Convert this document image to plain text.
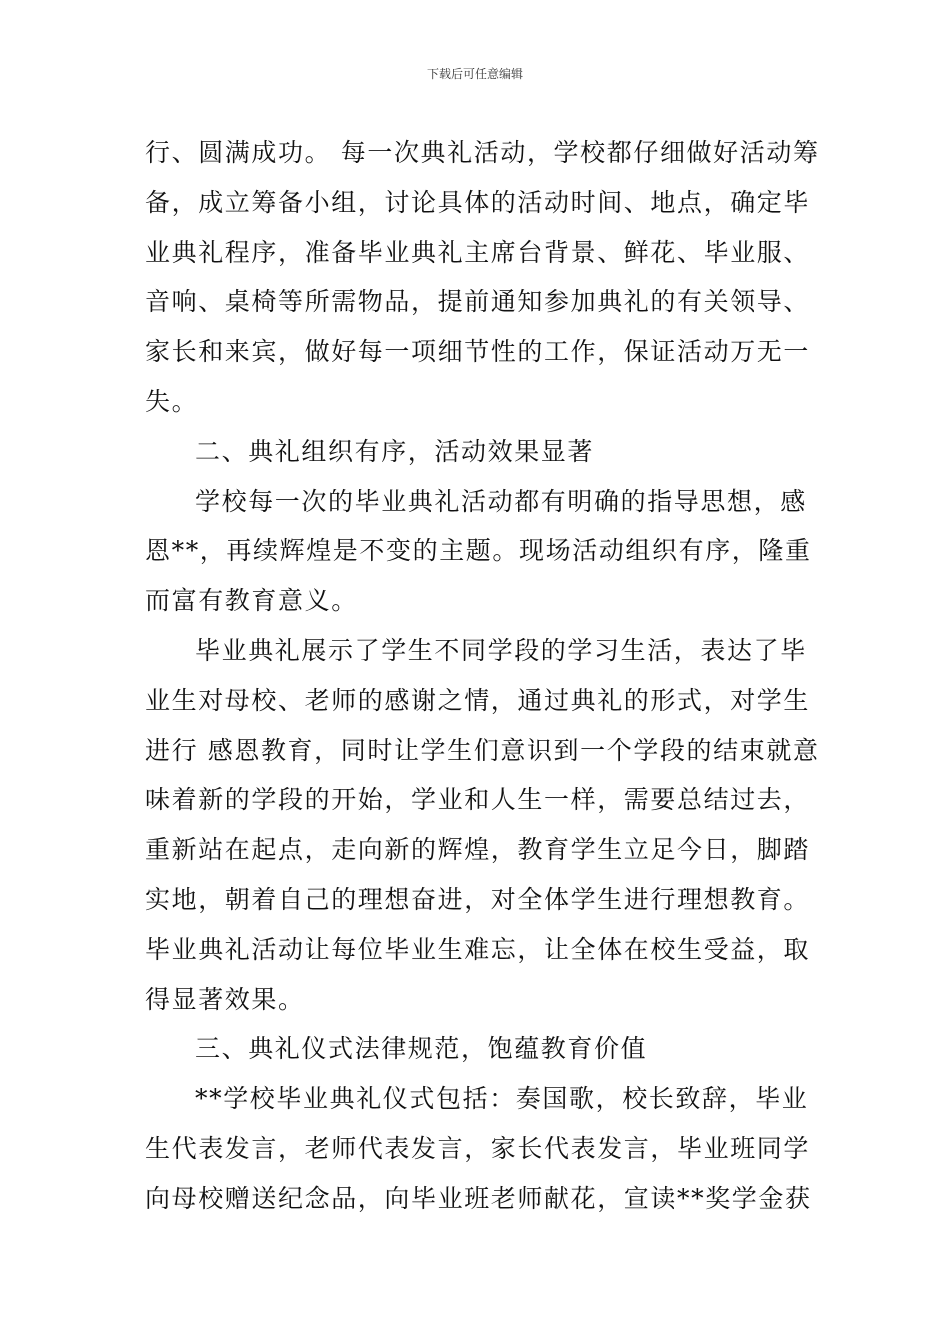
下载后可任意编辑
行、圆满成功。 每一次典礼活动，学校都仔细做好活动筹
备，成立筹备小组，讨论具体的活动时间、地点，确定毕
业典礼程序，准备毕业典礼主席台背景、鲜花、毕业服、
音响、桌椅等所需物品，提前通知参加典礼的有关领导、
家长和来宾，做好每一项细节性的工作，保证活动万无一
失。
二、典礼组织有序，活动效果显著
学校每一次的毕业典礼活动都有明确的指导思想，感
恩**，再续辉煌是不变的主题。现场活动组织有序，隆重
而富有教育意义。
毕业典礼展示了学生不同学段的学习生活，表达了毕
业生对母校、老师的感谢之情，通过典礼的形式，对学生
进行 感恩教育，同时让学生们意识到一个学段的结束就意
味着新的学段的开始，学业和人生一样，需要总结过去，
重新站在起点，走向新的辉煌，教育学生立足今日，脚踏
实地，朝着自己的理想奋进，对全体学生进行理想教育。
毕业典礼活动让每位毕业生难忘，让全体在校生受益，取
得显著效果。
三、典礼仪式法律规范，饱蕴教育价值
**学校毕业典礼仪式包括：奏国歌，校长致辞，毕业
生代表发言，老师代表发言，家长代表发言，毕业班同学
向母校赠送纪念品，向毕业班老师献花，宣读**奖学金获
